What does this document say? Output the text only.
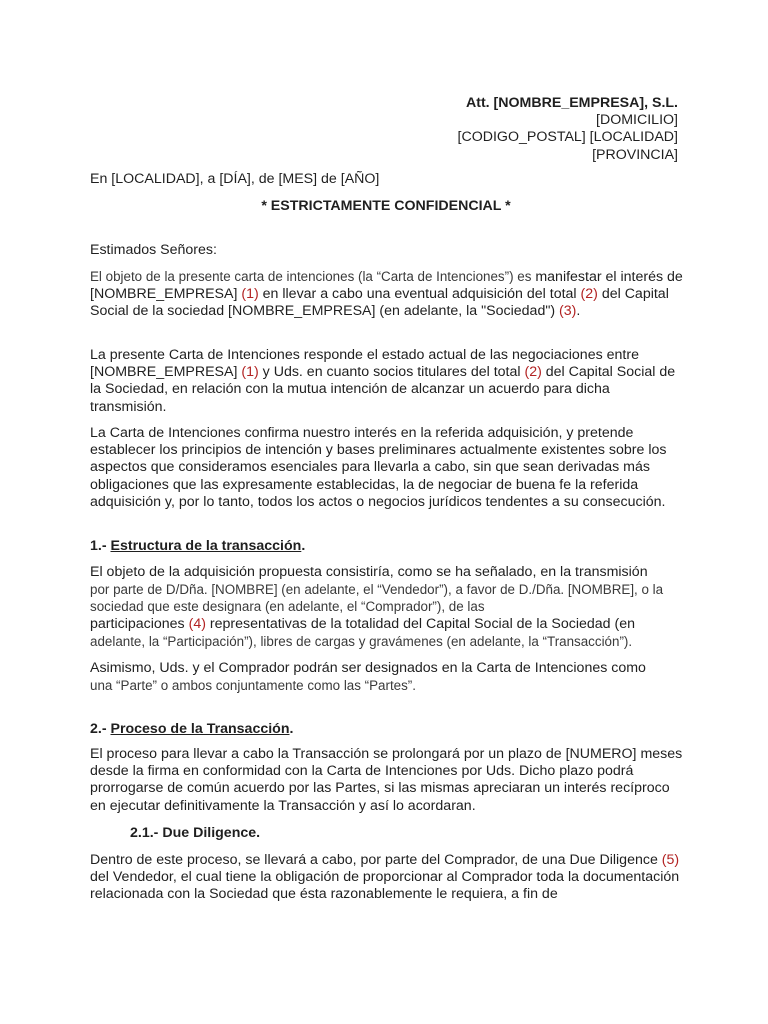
Att. [NOMBRE_EMPRESA], S.L.
[DOMICILIO]
[CODIGO_POSTAL] [LOCALIDAD]
[PROVINCIA]
En [LOCALIDAD], a [DÍA], de [MES] de [AÑO]
* ESTRICTAMENTE CONFIDENCIAL *
Estimados Señores:
El objeto de la presente carta de intenciones (la “Carta de Intenciones”) es manifestar el interés de [NOMBRE_EMPRESA] (1) en llevar a cabo una eventual adquisición del total (2) del Capital Social de la sociedad [NOMBRE_EMPRESA] (en adelante, la "Sociedad") (3).
La presente Carta de Intenciones responde el estado actual de las negociaciones entre [NOMBRE_EMPRESA] (1) y Uds. en cuanto socios titulares del total (2) del Capital Social de la Sociedad, en relación con la mutua intención de alcanzar un acuerdo para dicha transmisión.
La Carta de Intenciones confirma nuestro interés en la referida adquisición, y pretende establecer los principios de intención y bases preliminares actualmente existentes sobre los aspectos que consideramos esenciales para llevarla a cabo, sin que sean derivadas más obligaciones que las expresamente establecidas, la de negociar de buena fe la referida adquisición y, por lo tanto, todos los actos o negocios jurídicos tendentes a su consecución.
1.- Estructura de la transacción.
El objeto de la adquisición propuesta consistiría, como se ha señalado, en la transmisión
por parte de D/Dña. [NOMBRE] (en adelante, el “Vendedor”), a favor de D./Dña. [NOMBRE], o la sociedad que este designara (en adelante, el “Comprador”), de las
participaciones (4) representativas de la totalidad del Capital Social de la Sociedad (en
adelante, la “Participación”), libres de cargas y gravámenes (en adelante, la “Transacción”).
Asimismo, Uds. y el Comprador podrán ser designados en la Carta de Intenciones como
una “Parte” o ambos conjuntamente como las “Partes”.
2.- Proceso de la Transacción.
El proceso para llevar a cabo la Transacción se prolongará por un plazo de [NUMERO] meses desde la firma en conformidad con la Carta de Intenciones por Uds. Dicho plazo podrá prorrogarse de común acuerdo por las Partes, si las mismas apreciaran un interés recíproco en ejecutar definitivamente la Transacción y así lo acordaran.
2.1.- Due Diligence.
Dentro de este proceso, se llevará a cabo, por parte del Comprador, de una Due Diligence (5) del Vendedor, el cual tiene la obligación de proporcionar al Comprador toda la documentación relacionada con la Sociedad que ésta razonablemente le requiera, a fin de
